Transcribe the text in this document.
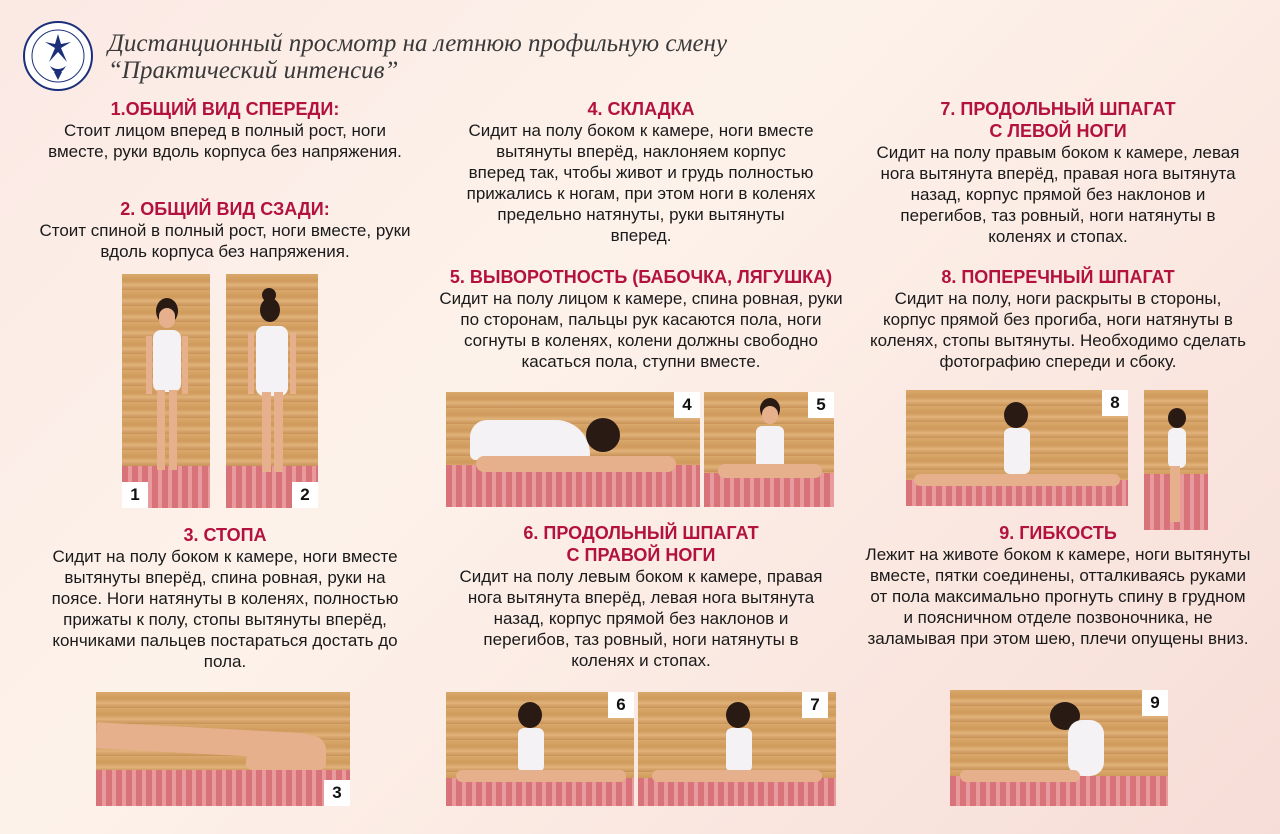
Дистанционный просмотр на летнюю профильную смену
“Практический интенсив”
1.ОБЩИЙ ВИД СПЕРЕДИ:
Стоит лицом вперед в полный рост, ноги вместе, руки вдоль корпуса без напряжения.
2. ОБЩИЙ ВИД СЗАДИ:
Стоит спиной в полный рост, ноги вместе, руки вдоль корпуса без напряжения.
1	2
3. СТОПА
Сидит на полу боком к камере, ноги вместе вытянуты вперёд, спина ровная, руки на поясе. Ноги натянуты в коленях, полностью прижаты к полу, стопы вытянуты вперёд, кончиками пальцев постараться достать до пола.
3
4. СКЛАДКА
Сидит на полу боком к камере, ноги вместе вытянуты вперёд, наклоняем корпус вперед так, чтобы живот и грудь полностью прижались к ногам, при этом ноги в коленях предельно натянуты, руки вытянуты вперед.
5. ВЫВОРОТНОСТЬ (БАБОЧКА, ЛЯГУШКА)
Сидит на полу лицом к камере, спина ровная, руки по сторонам, пальцы рук касаются пола, ноги согнуты в коленях, колени должны свободно касаться пола, ступни вместе.
4	5
6. ПРОДОЛЬНЫЙ ШПАГАТ
С ПРАВОЙ НОГИ
Сидит на полу левым боком к камере, правая нога вытянута вперёд, левая нога вытянута назад, корпус прямой без наклонов и перегибов, таз ровный, ноги натянуты в коленях и стопах.
6	7
7. ПРОДОЛЬНЫЙ ШПАГАТ
С ЛЕВОЙ НОГИ
Сидит на полу правым боком к камере, левая нога вытянута вперёд, правая нога вытянута назад, корпус прямой без наклонов и перегибов, таз ровный, ноги натянуты в коленях и стопах.
8. ПОПЕРЕЧНЫЙ ШПАГАТ
Сидит на полу, ноги раскрыты в стороны, корпус прямой без прогиба, ноги натянуты в коленях, стопы вытянуты. Необходимо сделать фотографию спереди и сбоку.
8
9. ГИБКОСТЬ
Лежит на животе боком к камере, ноги вытянуты вместе, пятки соединены, отталкиваясь руками от пола максимально прогнуть спину в грудном и поясничном отделе позвоночника, не заламывая при этом шею, плечи опущены вниз.
9
